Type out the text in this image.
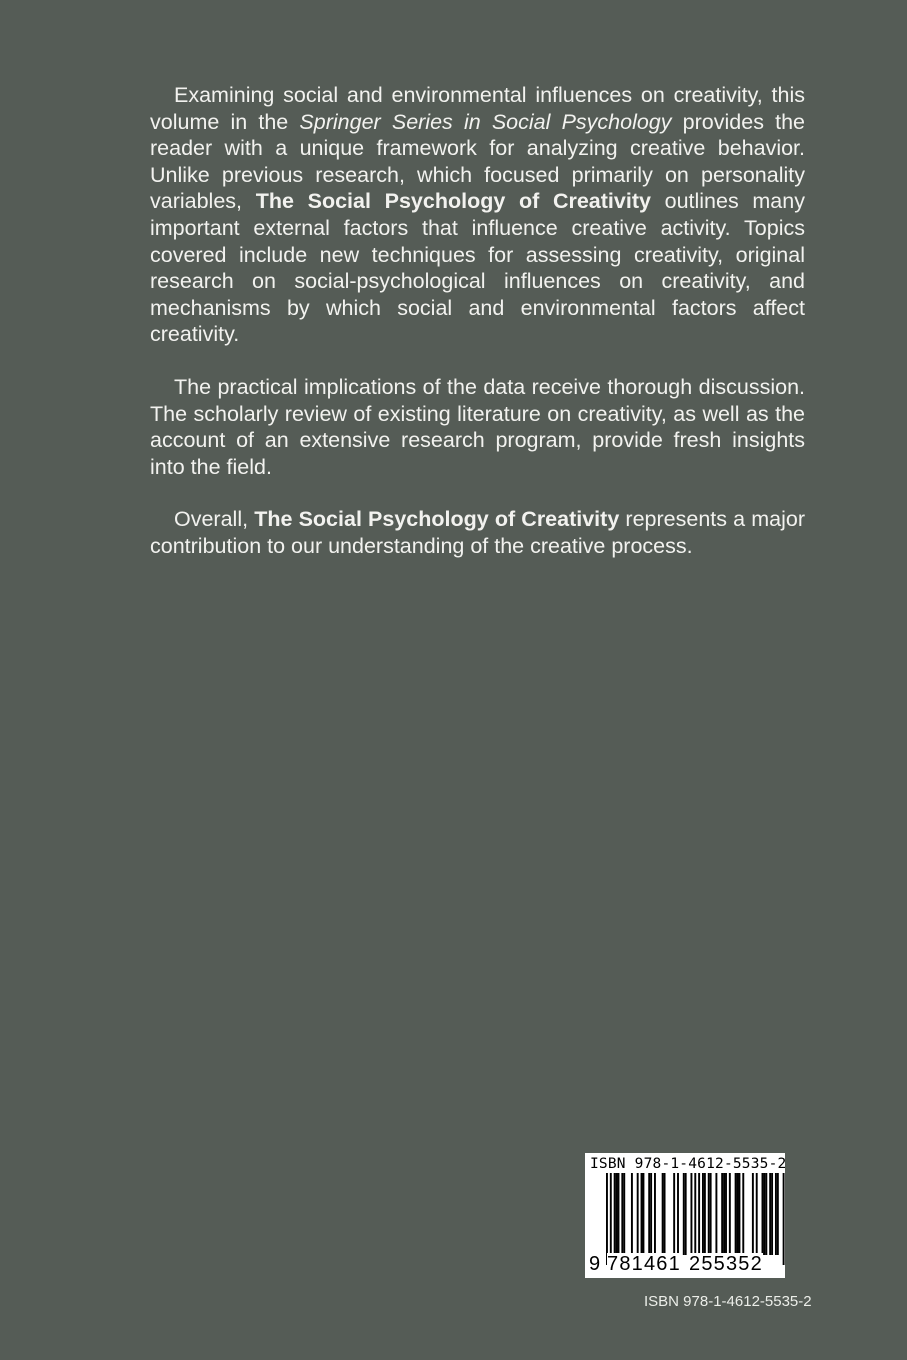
Examining social and environmental influences on creativity, this volume in the Springer Series in Social Psychology provides the reader with a unique framework for analyzing creative behavior. Unlike previous research, which focused primarily on personality variables, The Social Psychology of Creativity outlines many important external factors that influence creative activity. Topics covered include new techniques for assessing creativity, original research on social-psychological influences on creativity, and mechanisms by which social and environmental factors affect creativity.

The practical implications of the data receive thorough discussion. The scholarly review of existing literature on creativity, as well as the account of an extensive research program, provide fresh insights into the field.

Overall, The Social Psychology of Creativity represents a major contribution to our understanding of the creative process.

ISBN 978-1-4612-5535-2
9 781461 255352
ISBN 978-1-4612-5535-2
